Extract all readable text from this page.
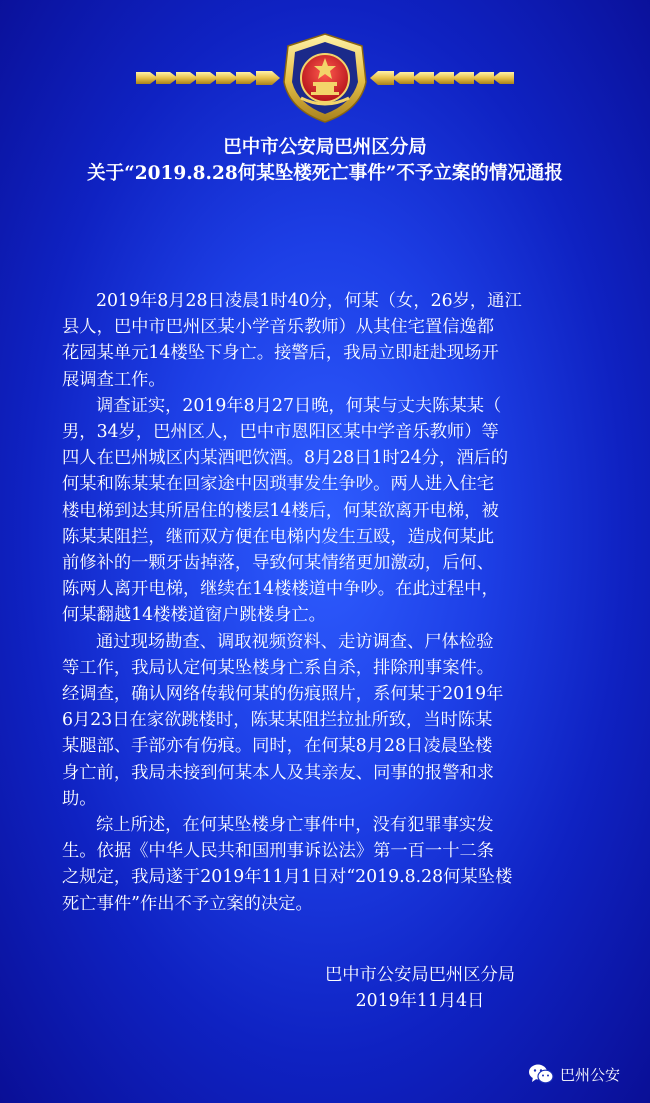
巴中市公安局巴州区分局
关于“2019.8.28何某坠楼死亡事件”不予立案的情况通报
2019年8月28日凌晨1时40分，何某（女，26岁，通江
县人，巴中市巴州区某小学音乐教师）从其住宅置信逸都
花园某单元14楼坠下身亡。接警后，我局立即赶赴现场开
展调查工作。
调查证实，2019年8月27日晚，何某与丈夫陈某某（
男，34岁，巴州区人，巴中市恩阳区某中学音乐教师）等
四人在巴州城区内某酒吧饮酒。8月28日1时24分，酒后的
何某和陈某某在回家途中因琐事发生争吵。两人进入住宅
楼电梯到达其所居住的楼层14楼后，何某欲离开电梯，被
陈某某阻拦，继而双方便在电梯内发生互殴，造成何某此
前修补的一颗牙齿掉落，导致何某情绪更加激动，后何、
陈两人离开电梯，继续在14楼楼道中争吵。在此过程中，
何某翻越14楼楼道窗户跳楼身亡。
通过现场勘查、调取视频资料、走访调查、尸体检验
等工作，我局认定何某坠楼身亡系自杀，排除刑事案件。
经调查，确认网络传载何某的伤痕照片，系何某于2019年
6月23日在家欲跳楼时，陈某某阻拦拉扯所致，当时陈某
某腿部、手部亦有伤痕。同时，在何某8月28日凌晨坠楼
身亡前，我局未接到何某本人及其亲友、同事的报警和求
助。
综上所述，在何某坠楼身亡事件中，没有犯罪事实发
生。依据《中华人民共和国刑事诉讼法》第一百一十二条
之规定，我局遂于2019年11月1日对“2019.8.28何某坠楼
死亡事件”作出不予立案的决定。
巴中市公安局巴州区分局
2019年11月4日
巴州公安
